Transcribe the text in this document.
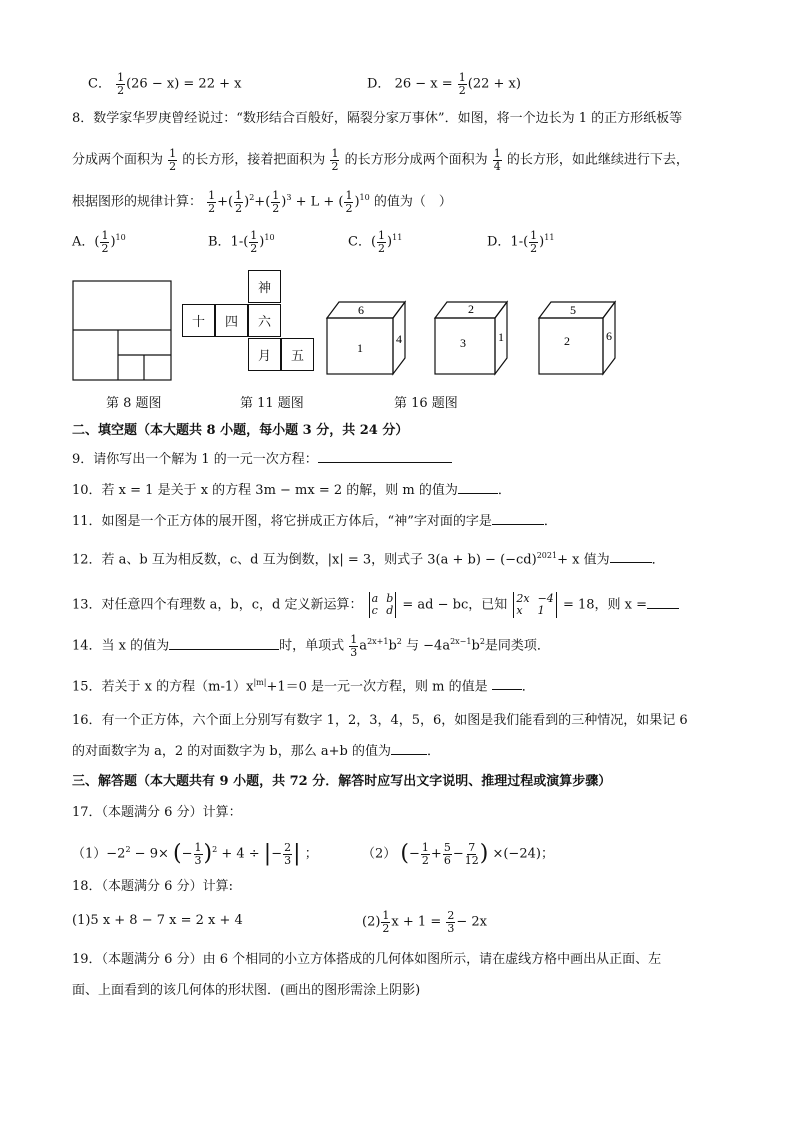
C． $\frac{1}{2} (26 - x) = 22 + x$	D． $26 - x = \frac{1}{2} (22 + x)$
8．数学家华罗庚曾经说过：“数形结合百般好，隔裂分家万事休”．如图，将一个边长为 1 的正方形纸板等
分成两个面积为 $\frac{1}{2}$ 的长方形，接着把面积为 $\frac{1}{2}$ 的长方形分成两个面积为 $\frac{1}{4}$ 的长方形，如此继续进行下去，
根据图形的规律计算： $\frac{1}{2}$ +( $\frac{1}{2} )^2+( \frac{1}{2} )^3 + L$ + ( $\frac{1}{2} )^{10}$ 的值为（　）
A．( $\frac{1}{2} )^{10}$	B．$1-( \frac{1}{2} )^{10}$	C．( $\frac{1}{2} )^{11}$	D．$1-( \frac{1}{2} )^{11}$
神
十	四	六
月	五
6
1
4
2
3	1
5
2	6
第 8 题图	第 11 题图	第 16 题图
二、填空题（本大题共 8 小题，每小题 3 分，共 24 分）
9．请你写出一个解为 1 的一元一次方程：
10．若 x = 1 是关于 x 的方程 3m − mx = 2 的解，则 m 的值为	．
11．如图是一个正方体的展开图，将它拼成正方体后，“神”字对面的字是	．
12．若 a、b 互为相反数，c、d 互为倒数，|x| = 3，则式子 $3(a + b) - (-cd)^{2021}+ x$ 值为	．
13．对任意四个有理数 a，b，c，d 定义新运算： a b
c d = ad − bc，已知 2x −4
x	1	= 18，则 x =
14．当 x 的值为	时，单项式 $\frac{1}{3} a^{2x+1}b^2$ 与 $-4a^{2x-1}b^2$是同类项．
15．若关于 x 的方程$(m-1)x^{|m|}+1=0$ 是一元一次方程，则 m 的值是	．
16．有一个正方体，六个面上分别写有数字 1，2，3，4，5，6，如图是我们能看到的三种情况，如果记 6
的对面数字为 a，2 的对面数字为 b，那么 a+b 的值为	．
三、解答题（本大题共有 9 小题，共 72 分．解答时应写出文字说明、推理过程或演算步骤）
17．（本题满分 6 分）计算：
$(1)-2^2 - 9\times$ (− $\frac{1}{3} )^2 + 4$ ÷ |− $\frac{2}{3}$ | ；	（2） (− $\frac{1}{2} + \frac{5}{6} - \frac{7}{12}$ ) ×(−24)；
18．（本题满分 6 分）计算:
(1)5 x + 8 − 7 x = 2 x + 4	$(2) \frac{1}{2}$ $x + 1 = \frac{2}{3} - 2x$
19．（本题满分 6 分）由 6 个相同的小立方体搭成的几何体如图所示，请在虚线方格中画出从正面、左
面、上面看到的该几何体的形状图．(画出的图形需涂上阴影)
